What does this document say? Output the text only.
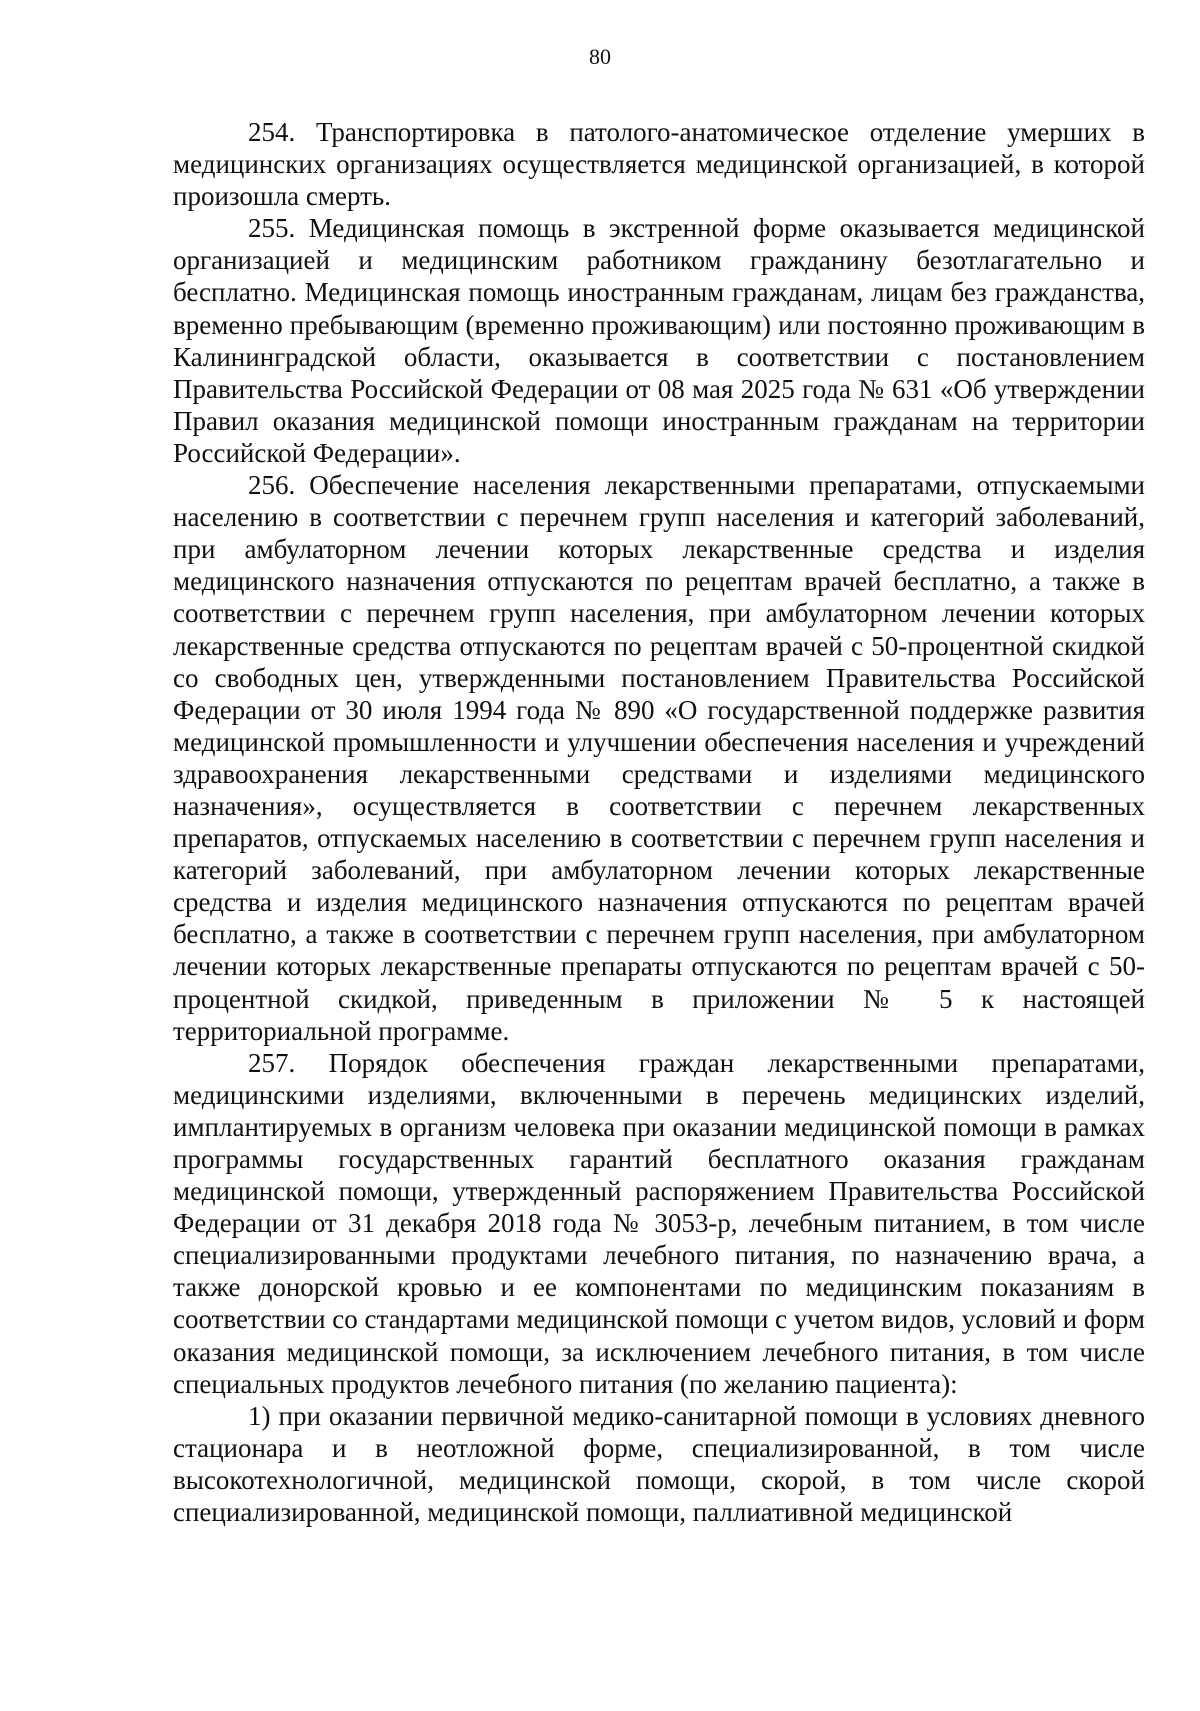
80

254. Транспортировка в патолого-анатомическое отделение умерших в медицинских организациях осуществляется медицинской организацией, в которой произошла смерть.

255. Медицинская помощь в экстренной форме оказывается медицинской организацией и медицинским работником гражданину безотлагательно и бесплатно. Медицинская помощь иностранным гражданам, лицам без гражданства, временно пребывающим (временно проживающим) или постоянно проживающим в Калининградской области, оказывается в соответствии с постановлением Правительства Российской Федерации от 08 мая 2025 года № 631 «Об утверждении Правил оказания медицинской помощи иностранным гражданам на территории Российской Федерации».

256. Обеспечение населения лекарственными препаратами, отпускаемыми населению в соответствии с перечнем групп населения и категорий заболеваний, при амбулаторном лечении которых лекарственные средства и изделия медицинского назначения отпускаются по рецептам врачей бесплатно, а также в соответствии с перечнем групп населения, при амбулаторном лечении которых лекарственные средства отпускаются по рецептам врачей с 50-процентной скидкой со свободных цен, утвержденными постановлением Правительства Российской Федерации от 30 июля 1994 года № 890 «О государственной поддержке развития медицинской промышленности и улучшении обеспечения населения и учреждений здравоохранения лекарственными средствами и изделиями медицинского назначения», осуществляется в соответствии с перечнем лекарственных препаратов, отпускаемых населению в соответствии с перечнем групп населения и категорий заболеваний, при амбулаторном лечении которых лекарственные средства и изделия медицинского назначения отпускаются по рецептам врачей бесплатно, а также в соответствии с перечнем групп населения, при амбулаторном лечении которых лекарственные препараты отпускаются по рецептам врачей с 50-процентной скидкой, приведенным в приложении № 5 к настоящей территориальной программе.

257. Порядок обеспечения граждан лекарственными препаратами, медицинскими изделиями, включенными в перечень медицинских изделий, имплантируемых в организм человека при оказании медицинской помощи в рамках программы государственных гарантий бесплатного оказания гражданам медицинской помощи, утвержденный распоряжением Правительства Российской Федерации от 31 декабря 2018 года № 3053-р, лечебным питанием, в том числе специализированными продуктами лечебного питания, по назначению врача, а также донорской кровью и ее компонентами по медицинским показаниям в соответствии со стандартами медицинской помощи с учетом видов, условий и форм оказания медицинской помощи, за исключением лечебного питания, в том числе специальных продуктов лечебного питания (по желанию пациента):

1) при оказании первичной медико-санитарной помощи в условиях дневного стационара и в неотложной форме, специализированной, в том числе высокотехнологичной, медицинской помощи, скорой, в том числе скорой специализированной, медицинской помощи, паллиативной медицинской
